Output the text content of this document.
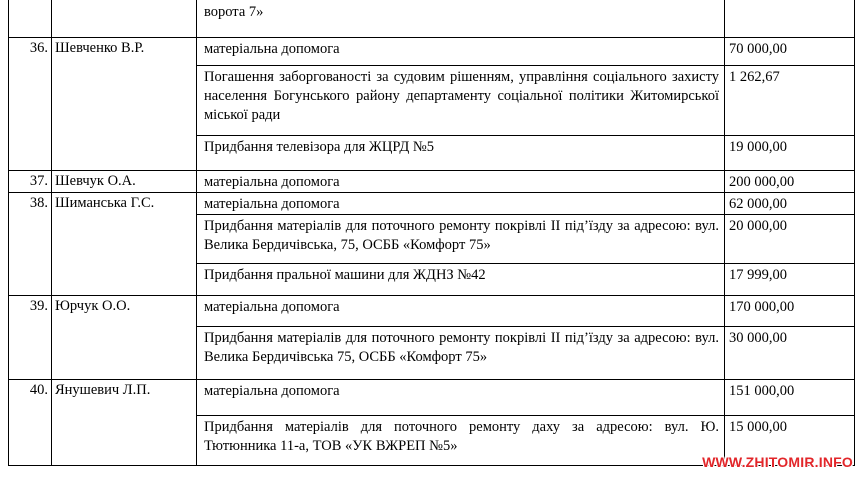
		ворота 7»	
36.	Шевченко В.Р.	матеріальна допомога	70 000,00
		Погашення заборгованості за судовим рішенням, управління соціального захисту населення Богунського району департаменту соціальної політики Житомирської міської ради	1 262,67
		Придбання телевізора для ЖЦРД №5	19 000,00
37.	Шевчук О.А.	матеріальна допомога	200 000,00
38.	Шиманська Г.С.	матеріальна допомога	62 000,00
		Придбання матеріалів для поточного ремонту покрівлі ІІ під’їзду за адресою: вул. Велика Бердичівська, 75, ОСББ «Комфорт 75»	20 000,00
		Придбання пральної машини для ЖДНЗ №42	17 999,00
39.	Юрчук О.О.	матеріальна допомога	170 000,00
		Придбання матеріалів для поточного ремонту покрівлі ІІ під’їзду за адресою: вул. Велика Бердичівська 75, ОСББ «Комфорт 75»	30 000,00
40.	Янушевич Л.П.	матеріальна допомога	151 000,00
		Придбання матеріалів для поточного ремонту даху за адресою: вул. Ю. Тютюнника 11-а, ТОВ «УК ВЖРЕП №5»	15 000,00
WWW.ZHITOMIR.INFO
